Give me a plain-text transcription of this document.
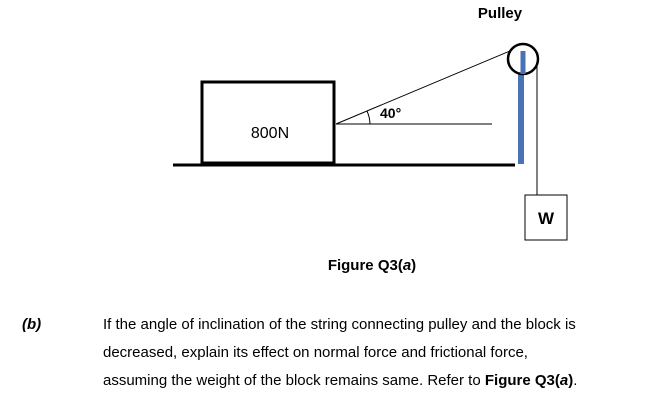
800N
40°
Pulley
W
Figure Q3(a)
(b)	If the angle of inclination of the string connecting pulley and the block is

decreased, explain its effect on normal force and frictional force,

assuming the weight of the block remains same. Refer to Figure Q3(a).
